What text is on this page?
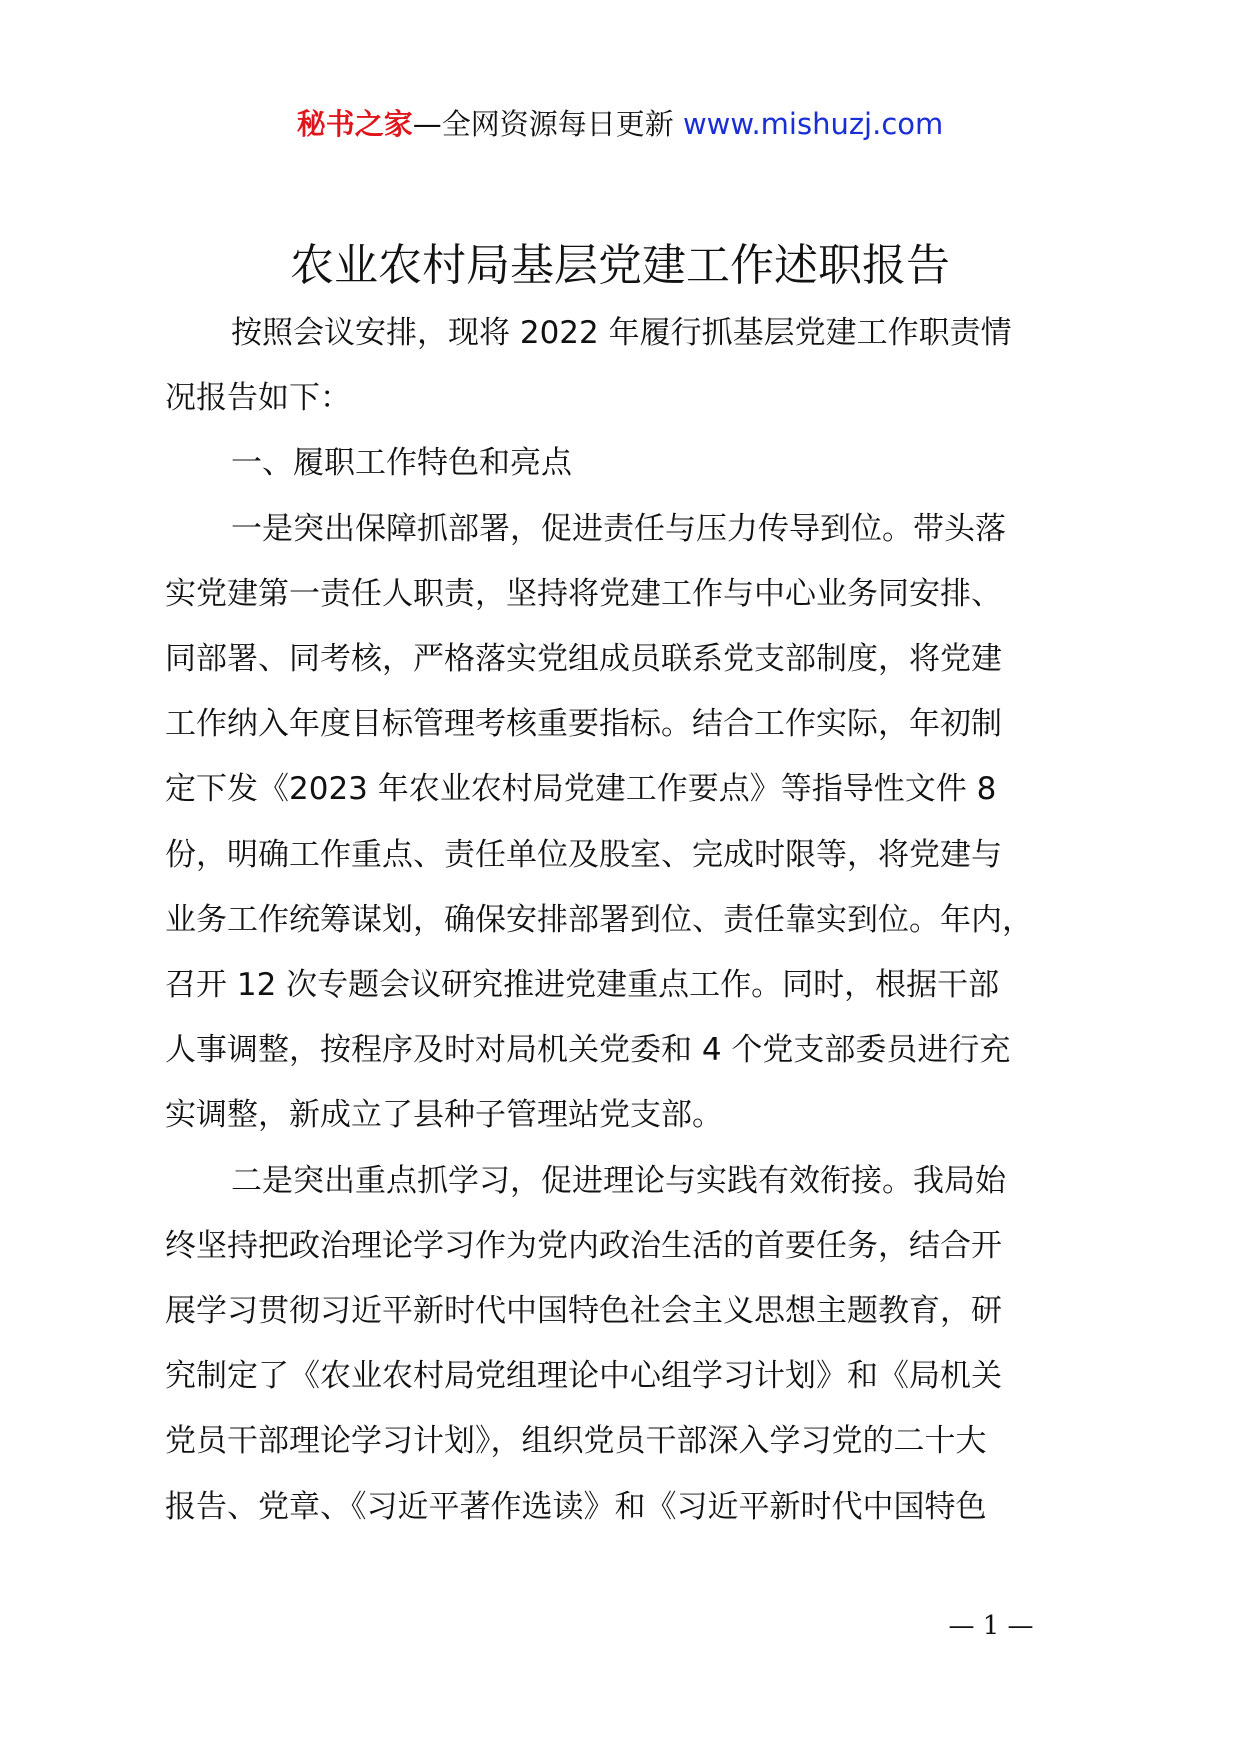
秘书之家—全网资源每日更新 www.mishuzj.com
农业农村局基层党建工作述职报告

按照会议安排，现将 2022 年履行抓基层党建工作职责情
况报告如下：

一、履职工作特色和亮点

一是突出保障抓部署，促进责任与压力传导到位。带头落
实党建第一责任人职责，坚持将党建工作与中心业务同安排、
同部署、同考核，严格落实党组成员联系党支部制度，将党建
工作纳入年度目标管理考核重要指标。结合工作实际，年初制
定下发《2023 年农业农村局党建工作要点》等指导性文件 8
份，明确工作重点、责任单位及股室、完成时限等，将党建与
业务工作统筹谋划，确保安排部署到位、责任靠实到位。年内，
召开 12 次专题会议研究推进党建重点工作。同时，根据干部
人事调整，按程序及时对局机关党委和 4 个党支部委员进行充
实调整，新成立了县种子管理站党支部。

二是突出重点抓学习，促进理论与实践有效衔接。我局始
终坚持把政治理论学习作为党内政治生活的首要任务，结合开
展学习贯彻习近平新时代中国特色社会主义思想主题教育，研
究制定了《农业农村局党组理论中心组学习计划》和《局机关
党员干部理论学习计划》，组织党员干部深入学习党的二十大
报告、党章、《习近平著作选读》和《习近平新时代中国特色

— 1 —
